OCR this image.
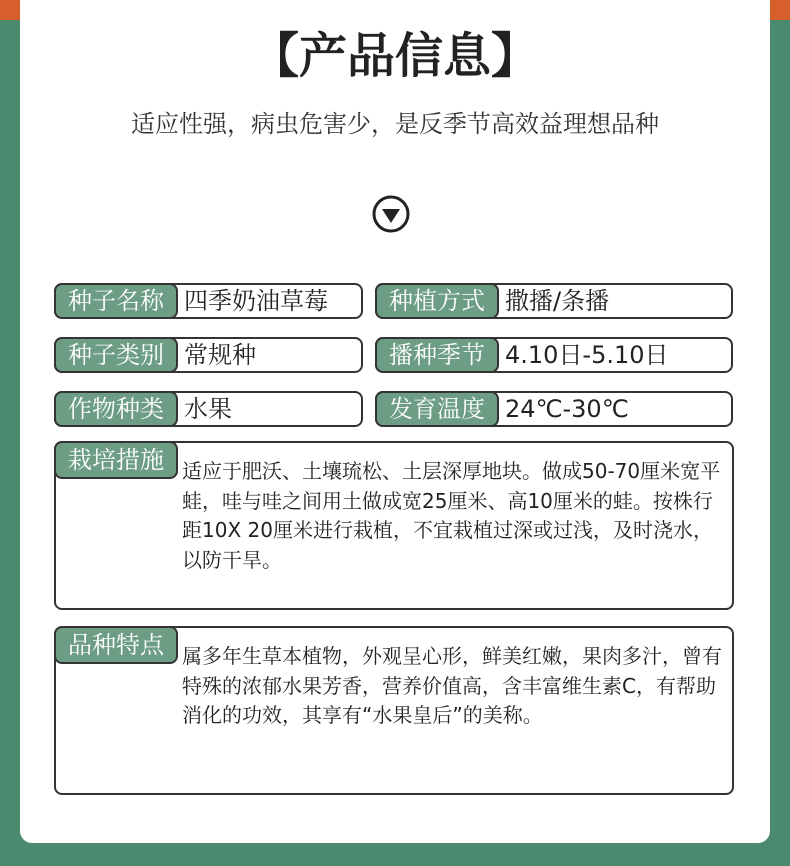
【产品信息】
适应性强，病虫危害少，是反季节高效益理想品种
种子名称 四季奶油草莓	种植方式 撒播/条播
种子类别 常规种	播种季节 4.10日-5.10日
作物种类 水果	发育温度 24℃-30℃
栽培措施 适应于肥沃、土壤琉松、土层深厚地块。做成50-70厘米宽平蛙，哇与哇之间用土做成宽25厘米、高10厘米的蛙。按株行距10X 20厘米进行栽植，不宜栽植过深或过浅，及时浇水，以防干旱。
品种特点 属多年生草本植物，外观呈心形，鲜美红嫩，果肉多汁，曾有特殊的浓郁水果芳香，营养价值高，含丰富维生素C，有帮助消化的功效，其享有“水果皇后”的美称。
